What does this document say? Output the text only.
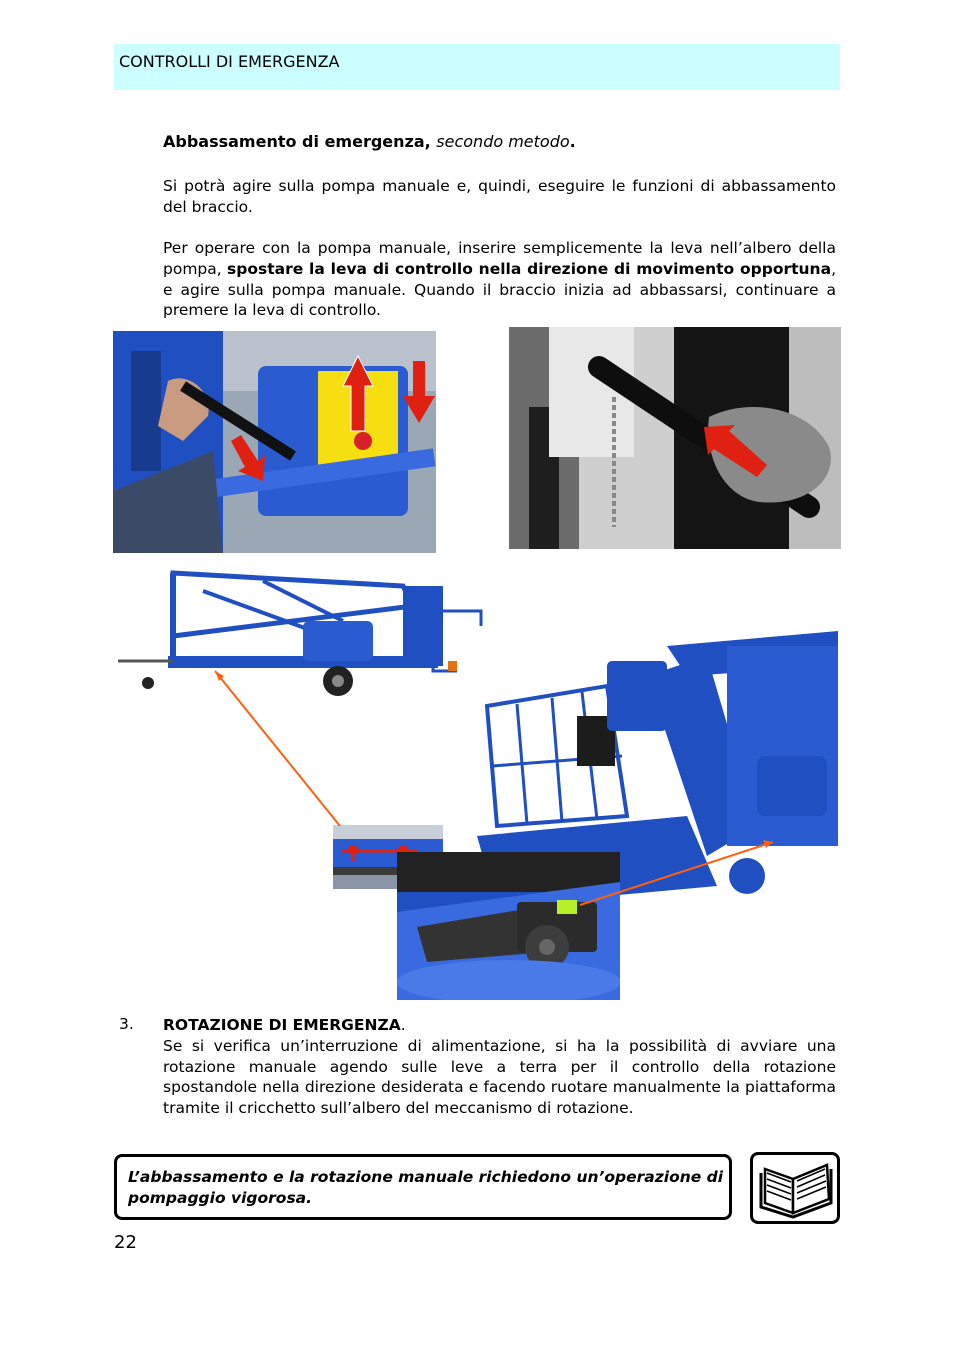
CONTROLLI DI EMERGENZA
Abbassamento di emergenza, secondo metodo.
Si potrà agire sulla pompa manuale e, quindi, eseguire le funzioni di abbassamento del braccio.
Per operare con la pompa manuale, inserire semplicemente la leva nell’albero della pompa, spostare la leva di controllo nella direzione di movimento opportuna, e agire sulla pompa manuale. Quando il braccio inizia ad abbassarsi, continuare a premere la leva di controllo.
3. ROTAZIONE DI EMERGENZA.
Se si verifica un’interruzione di alimentazione, si ha la possibilità di avviare una rotazione manuale agendo sulle leve a terra per il controllo della rotazione spostandole nella direzione desiderata e facendo ruotare manualmente la piattaforma tramite il cricchetto sull’albero del meccanismo di rotazione.
L’abbassamento e la rotazione manuale richiedono un’operazione di pompaggio vigorosa.
22
